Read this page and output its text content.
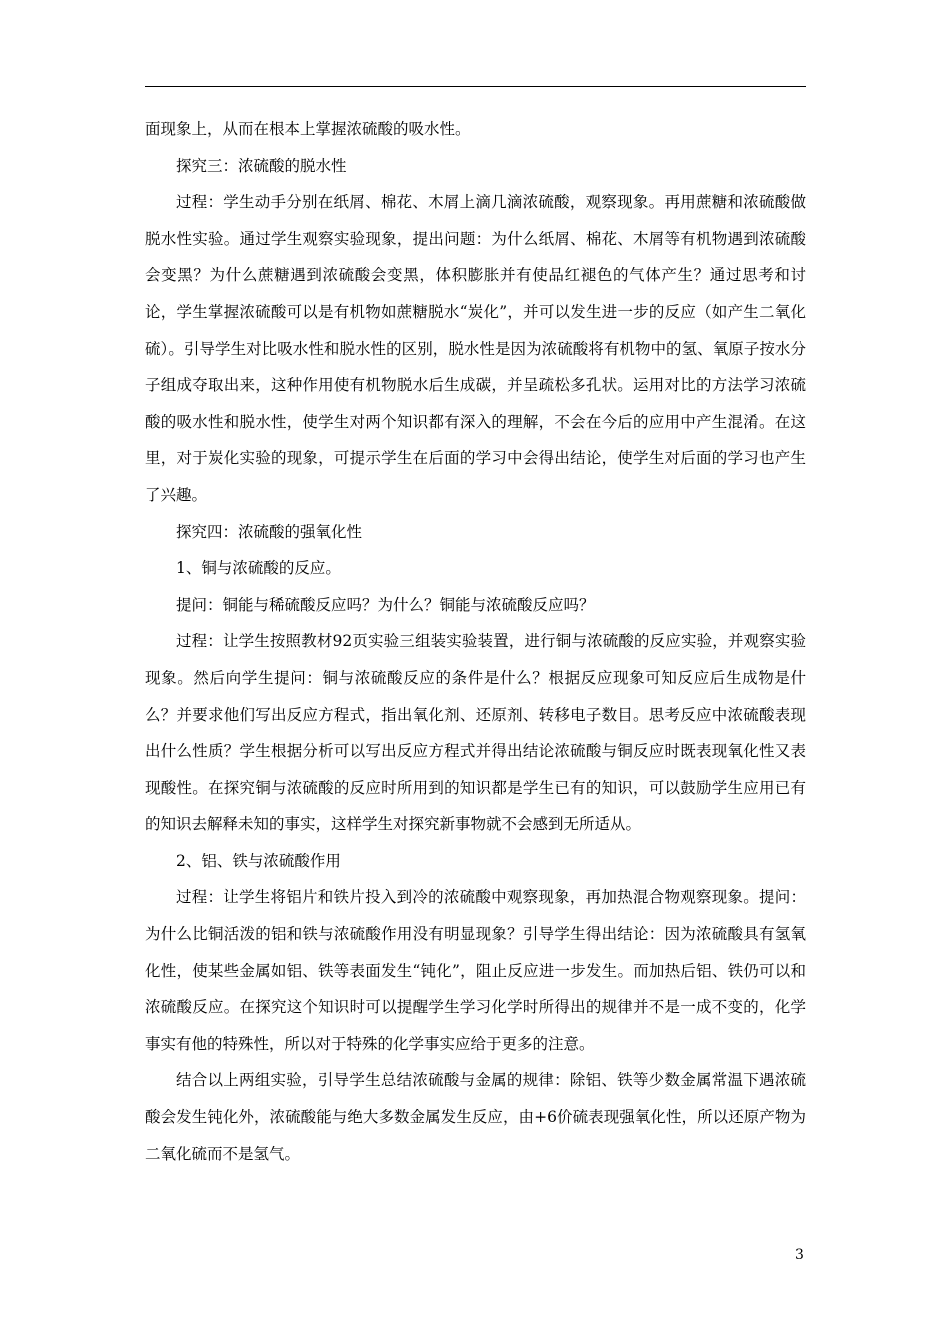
面现象上，从而在根本上掌握浓硫酸的吸水性。

探究三：浓硫酸的脱水性

过程：学生动手分别在纸屑、棉花、木屑上滴几滴浓硫酸，观察现象。再用蔗糖和浓硫酸做脱水性实验。通过学生观察实验现象，提出问题：为什么纸屑、棉花、木屑等有机物遇到浓硫酸会变黑？为什么蔗糖遇到浓硫酸会变黑，体积膨胀并有使品红褪色的气体产生？通过思考和讨论，学生掌握浓硫酸可以是有机物如蔗糖脱水“炭化”，并可以发生进一步的反应（如产生二氧化硫）。引导学生对比吸水性和脱水性的区别，脱水性是因为浓硫酸将有机物中的氢、氧原子按水分子组成夺取出来，这种作用使有机物脱水后生成碳，并呈疏松多孔状。运用对比的方法学习浓硫酸的吸水性和脱水性，使学生对两个知识都有深入的理解，不会在今后的应用中产生混淆。在这里，对于炭化实验的现象，可提示学生在后面的学习中会得出结论，使学生对后面的学习也产生了兴趣。

探究四：浓硫酸的强氧化性

1、铜与浓硫酸的反应。

提问：铜能与稀硫酸反应吗？为什么？铜能与浓硫酸反应吗？

过程：让学生按照教材92页实验三组装实验装置，进行铜与浓硫酸的反应实验，并观察实验现象。然后向学生提问：铜与浓硫酸反应的条件是什么？根据反应现象可知反应后生成物是什么？并要求他们写出反应方程式，指出氧化剂、还原剂、转移电子数目。思考反应中浓硫酸表现出什么性质？学生根据分析可以写出反应方程式并得出结论浓硫酸与铜反应时既表现氧化性又表现酸性。在探究铜与浓硫酸的反应时所用到的知识都是学生已有的知识，可以鼓励学生应用已有的知识去解释未知的事实，这样学生对探究新事物就不会感到无所适从。

2、铝、铁与浓硫酸作用

过程：让学生将铝片和铁片投入到冷的浓硫酸中观察现象，再加热混合物观察现象。提问：为什么比铜活泼的铝和铁与浓硫酸作用没有明显现象？引导学生得出结论：因为浓硫酸具有氢氧化性，使某些金属如铝、铁等表面发生“钝化”，阻止反应进一步发生。而加热后铝、铁仍可以和浓硫酸反应。在探究这个知识时可以提醒学生学习化学时所得出的规律并不是一成不变的，化学事实有他的特殊性，所以对于特殊的化学事实应给于更多的注意。

结合以上两组实验，引导学生总结浓硫酸与金属的规律：除铝、铁等少数金属常温下遇浓硫酸会发生钝化外，浓硫酸能与绝大多数金属发生反应，由+6价硫表现强氧化性，所以还原产物为二氧化硫而不是氢气。

3
